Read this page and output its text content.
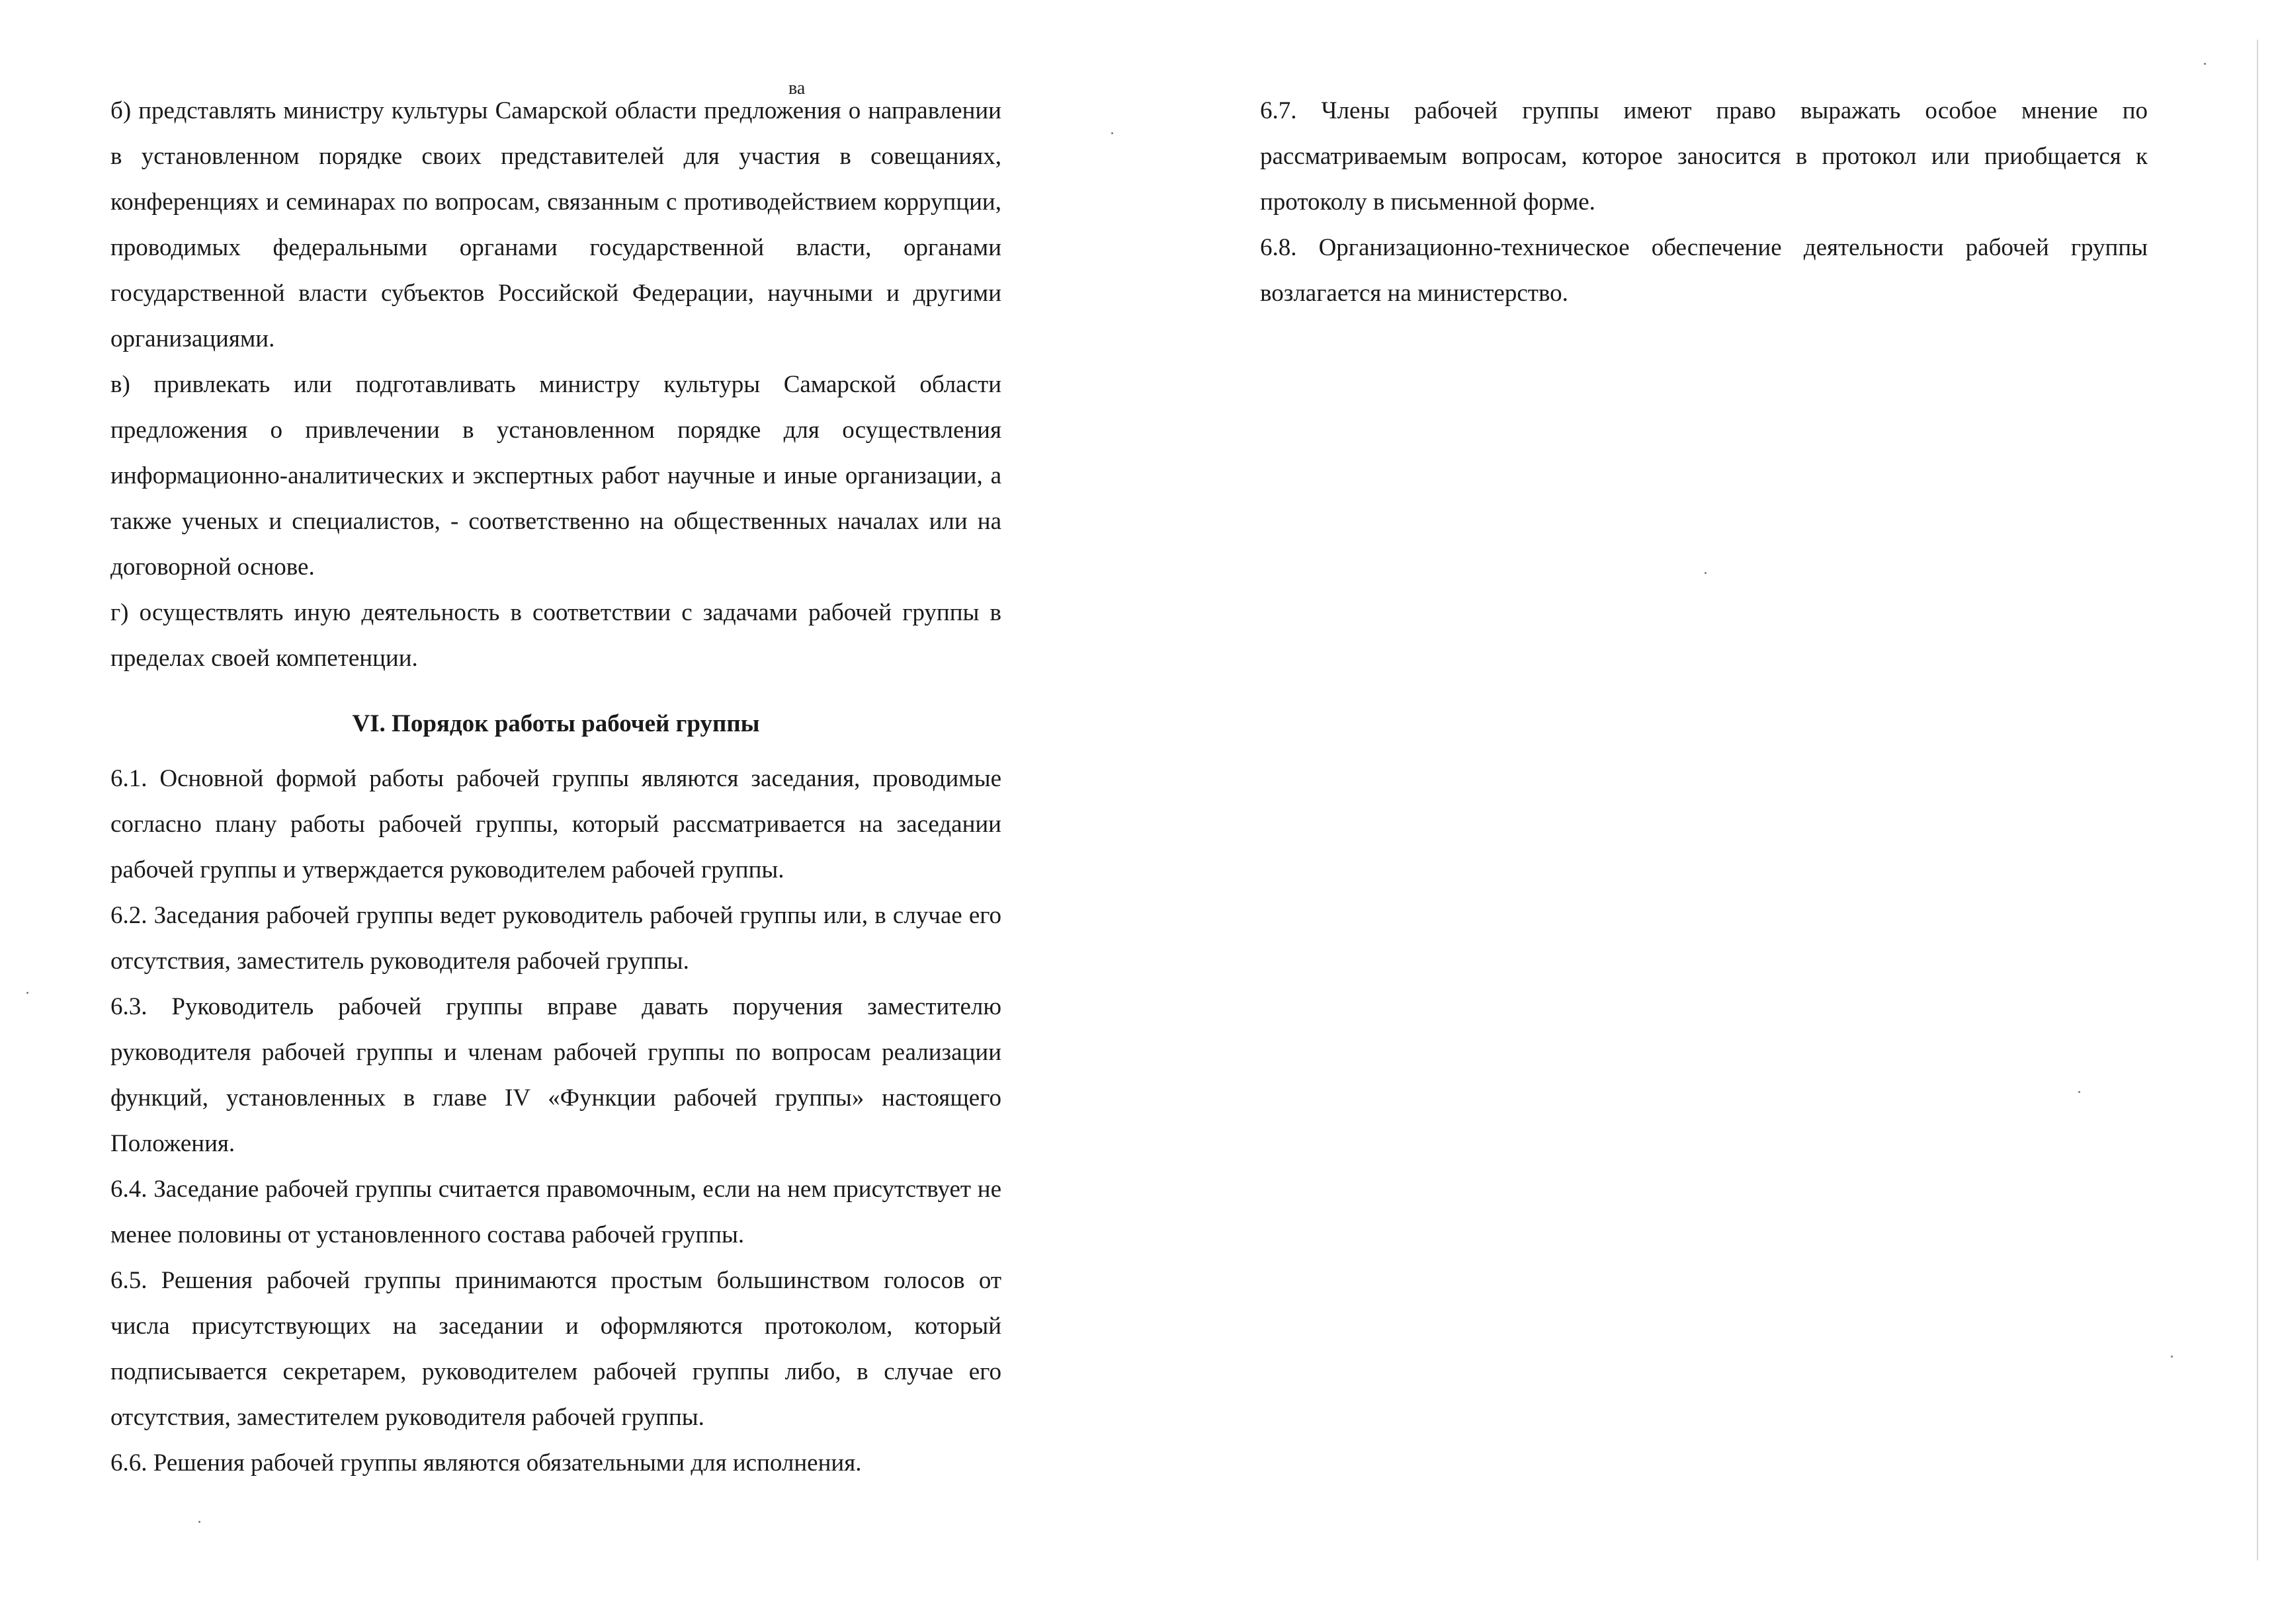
ва

б) представлять министру культуры Самарской области предложения о направлении в установленном порядке своих представителей для участия в совещаниях, конференциях и семинарах по вопросам, связанным с противодействием коррупции, проводимых федеральными органами государственной власти, органами государственной власти субъектов Российской Федерации, научными и другими организациями.

в) привлекать или подготавливать министру культуры Самарской области предложения о привлечении в установленном порядке для осуществления информационно-аналитических и экспертных работ научные и иные организации, а также ученых и специалистов, - соответственно на общественных началах или на договорной основе.

г) осуществлять иную деятельность в соответствии с задачами рабочей группы в пределах своей компетенции.

VI. Порядок работы рабочей группы

6.1. Основной формой работы рабочей группы являются заседания, проводимые согласно плану работы рабочей группы, который рассматривается на заседании рабочей группы и утверждается руководителем рабочей группы.

6.2. Заседания рабочей группы ведет руководитель рабочей группы или, в случае его отсутствия, заместитель руководителя рабочей группы.

6.3. Руководитель рабочей группы вправе давать поручения заместителю руководителя рабочей группы и членам рабочей группы по вопросам реализации функций, установленных в главе IV «Функции рабочей группы» настоящего Положения.

6.4. Заседание рабочей группы считается правомочным, если на нем присутствует не менее половины от установленного состава рабочей группы.

6.5. Решения рабочей группы принимаются простым большинством голосов от числа присутствующих на заседании и оформляются протоколом, который подписывается секретарем, руководителем рабочей группы либо, в случае его отсутствия, заместителем руководителя рабочей группы.

6.6. Решения рабочей группы являются обязательными для исполнения.

6.7. Члены рабочей группы имеют право выражать особое мнение по рассматриваемым вопросам, которое заносится в протокол или приобщается к протоколу в письменной форме.

6.8. Организационно-техническое обеспечение деятельности рабочей группы возлагается на министерство.
